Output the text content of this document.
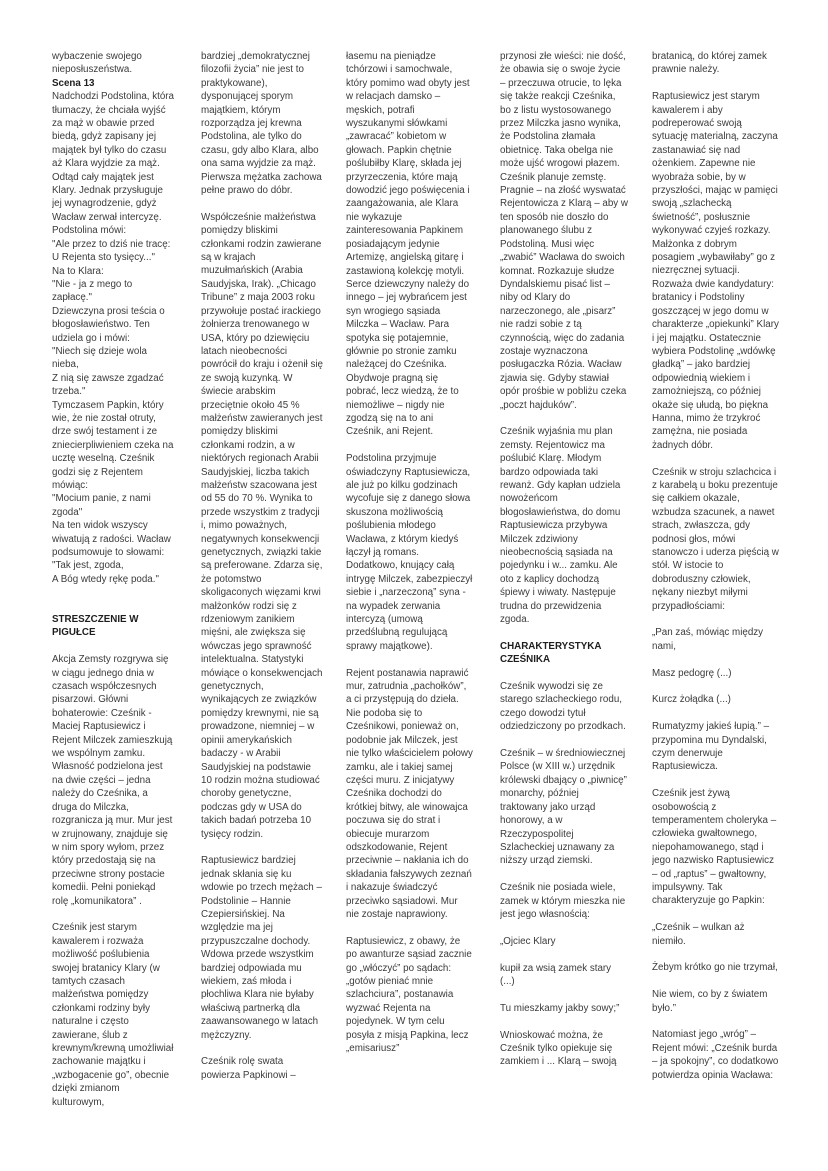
wybaczenie swojego nieposłuszeństwa.
Scena 13
Nadchodzi Podstolina, która tłumaczy, że chciała wyjść za mąż w obawie przed biedą, gdyż zapisany jej majątek był tylko do czasu aż Klara wyjdzie za mąż. Odtąd cały majątek jest Klary. Jednak przysługuje jej wynagrodzenie, gdyż Wacław zerwał intercyzę. Podstolina mówi:
"Ale przez to dziś nie tracę: U Rejenta sto tysięcy..."
Na to Klara:
"Nie - ja z mego to zapłacę."
Dziewczyna prosi teścia o błogosławieństwo. Ten udziela go i mówi:
"Niech się dzieje wola nieba,
Z nią się zawsze zgadzać trzeba."
Tymczasem Papkin, który wie, że nie został otruty, drze swój testament i ze zniecierpliwieniem czeka na ucztę weselną. Cześnik godzi się z Rejentem mówiąc:
"Mocium panie, z nami zgoda"
Na ten widok wszyscy wiwatują z radości. Wacław podsumowuje to słowami:
"Tak jest, zgoda,
A Bóg wtedy rękę poda."

STRESZCZENIE W PIGUŁCE

Akcja Zemsty rozgrywa się w ciągu jednego dnia w czasach współczesnych pisarzowi. Główni bohaterowie: Cześnik - Maciej Raptusiewicz i Rejent Milczek zamieszkują we wspólnym zamku. Własność podzielona jest na dwie części – jedna należy do Cześnika, a druga do Milczka, rozgranicza ją mur. Mur jest w zrujnowany, znajduje się w nim spory wyłom, przez który przedostają się na przeciwne strony postacie komedii. Pełni poniekąd rolę „komunikatora” .

Cześnik jest starym kawalerem i rozważa możliwość poślubienia swojej bratanicy Klary (w tamtych czasach małżeństwa pomiędzy członkami rodziny były naturalne i często zawierane, ślub z krewnym/krewną umożliwiał zachowanie majątku i „wzbogacenie go”, obecnie dzięki zmianom kulturowym,

bardziej „demokratycznej filozofii życia” nie jest to praktykowane), dysponującej sporym majątkiem, którym rozporządza jej krewna Podstolina, ale tylko do czasu, gdy albo Klara, albo ona sama wyjdzie za mąż. Pierwsza mężatka zachowa pełne prawo do dóbr.

Współcześnie małżeństwa pomiędzy bliskimi członkami rodzin zawierane są w krajach muzułmańskich (Arabia Saudyjska, Irak). „Chicago Tribune” z maja 2003 roku przywołuje postać irackiego żołnierza trenowanego w USA, który po dziewięciu latach nieobecności powrócił do kraju i ożenił się ze swoją kuzynką. W świecie arabskim przeciętnie około 45 % małżeństw zawieranych jest pomiędzy bliskimi członkami rodzin, a w niektórych regionach Arabii Saudyjskiej, liczba takich małżeństw szacowana jest od 55 do 70 %. Wynika to przede wszystkim z tradycji i, mimo poważnych, negatywnych konsekwencji genetycznych, związki takie są preferowane. Zdarza się, że potomstwo skoligaconych więzami krwi małżonków rodzi się z rdzeniowym zanikiem mięśni, ale zwiększa się wówczas jego sprawność intelektualna. Statystyki mówiące o konsekwencjach genetycznych, wynikających ze związków pomiędzy krewnymi, nie są prowadzone, niemniej – w opinii amerykańskich badaczy - w Arabii Saudyjskiej na podstawie 10 rodzin można studiować choroby genetyczne, podczas gdy w USA do takich badań potrzeba 10 tysięcy rodzin.

Raptusiewicz bardziej jednak skłania się ku wdowie po trzech mężach – Podstolinie – Hannie Czepiersińskiej. Na względzie ma jej przypuszczalne dochody. Wdowa przede wszystkim bardziej odpowiada mu wiekiem, zaś młoda i płochliwa Klara nie byłaby właściwą partnerką dla zaawansowanego w latach mężczyzny.

Cześnik rolę swata powierza Papkinowi –

łasemu na pieniądze tchórzowi i samochwale, który pomimo wad obyty jest w relacjach damsko – męskich, potrafi wyszukanymi słówkami „zawracać” kobietom w głowach. Papkin chętnie poślubiłby Klarę, składa jej przyrzeczenia, które mają dowodzić jego poświęcenia i zaangażowania, ale Klara nie wykazuje zainteresowania Papkinem posiadającym jedynie Artemizę, angielską gitarę i zastawioną kolekcję motyli. Serce dziewczyny należy do innego – jej wybrańcem jest syn wrogiego sąsiada Milczka – Wacław. Para spotyka się potajemnie, głównie po stronie zamku należącej do Cześnika. Obydwoje pragną się pobrać, lecz wiedzą, że to niemożliwe – nigdy nie zgodzą się na to ani Cześnik, ani Rejent.

Podstolina przyjmuje oświadczyny Raptusiewicza, ale już po kilku godzinach wycofuje się z danego słowa skuszona możliwością poślubienia młodego Wacława, z którym kiedyś łączył ją romans. Dodatkowo, knujący całą intrygę Milczek, zabezpieczył siebie i „narzeczoną” syna - na wypadek zerwania intercyzą (umową przedślubną regulującą sprawy majątkowe).

Rejent postanawia naprawić mur, zatrudnia „pachołków”, a ci przystępują do dzieła. Nie podoba się to Cześnikowi, ponieważ on, podobnie jak Milczek, jest nie tylko właścicielem połowy zamku, ale i takiej samej części muru. Z inicjatywy Cześnika dochodzi do krótkiej bitwy, ale winowajca poczuwa się do strat i obiecuje murarzom odszkodowanie, Rejent przeciwnie – nakłania ich do składania fałszywych zeznań i nakazuje świadczyć przeciwko sąsiadowi. Mur nie zostaje naprawiony.

Raptusiewicz, z obawy, że po awanturze sąsiad zacznie go „włóczyć” po sądach: „gotów pieniać mnie szlachciura”, postanawia wyzwać Rejenta na pojedynek. W tym celu posyła z misją Papkina, lecz „emisariusz”

przynosi złe wieści: nie dość, że obawia się o swoje życie – przeczuwa otrucie, to lęka się także reakcji Cześnika, bo z listu wystosowanego przez Milczka jasno wynika, że Podstolina złamała obietnicę. Taka obelga nie może ujść wrogowi płazem. Cześnik planuje zemstę. Pragnie – na złość wyswatać Rejentowicza z Klarą – aby w ten sposób nie doszło do planowanego ślubu z Podstoliną. Musi więc „zwabić” Wacława do swoich komnat. Rozkazuje słudze Dyndalskiemu pisać list – niby od Klary do narzeczonego, ale „pisarz” nie radzi sobie z tą czynnością, więc do zadania zostaje wyznaczona posługaczka Rózia. Wacław zjawia się. Gdyby stawiał opór prośbie w pobliżu czeka „poczt hajduków”.

Cześnik wyjaśnia mu plan zemsty. Rejentowicz ma poślubić Klarę. Młodym bardzo odpowiada taki rewanż. Gdy kapłan udziela nowożeńcom błogosławieństwa, do domu Raptusiewicza przybywa Milczek zdziwiony nieobecnością sąsiada na pojedynku i w... zamku. Ale oto z kaplicy dochodzą śpiewy i wiwaty. Następuje trudna do przewidzenia zgoda.

CHARAKTERYSTYKA CZEŚNIKA

Cześnik wywodzi się ze starego szlacheckiego rodu, czego dowodzi tytuł odziedziczony po przodkach.

Cześnik – w średniowiecznej Polsce (w XIII w.) urzędnik królewski dbający o „piwnicę” monarchy, później traktowany jako urząd honorowy, a w Rzeczypospolitej Szlacheckiej uznawany za niższy urząd ziemski.

Cześnik nie posiada wiele, zamek w którym mieszka nie jest jego własnością:

„Ojciec Klary

kupił za wsią zamek stary (...)

Tu mieszkamy jakby sowy;”

Wnioskować można, że Cześnik tylko opiekuje się zamkiem i ... Klarą – swoją

bratanicą, do której zamek prawnie należy.

Raptusiewicz jest starym kawalerem i aby podreperować swoją sytuację materialną, zaczyna zastanawiać się nad ożenkiem. Zapewne nie wyobraża sobie, by w przyszłości, mając w pamięci swoją „szlachecką świetność”, posłusznie wykonywać czyjeś rozkazy. Małżonka z dobrym posagiem „wybawiłaby” go z niezręcznej sytuacji. Rozważa dwie kandydatury: bratanicy i Podstoliny goszczącej w jego domu w charakterze „opiekunki” Klary i jej majątku. Ostatecznie wybiera Podstolinę „wdówkę gładką” – jako bardziej odpowiednią wiekiem i zamożniejszą, co później okaże się ułudą, bo piękna Hanna, mimo że trzykroć zamężna, nie posiada żadnych dóbr.

Cześnik w stroju szlachcica i z karabelą u boku prezentuje się całkiem okazale, wzbudza szacunek, a nawet strach, zwłaszcza, gdy podnosi głos, mówi stanowczo i uderza pięścią w stół. W istocie to dobroduszny człowiek, nękany niezbyt miłymi przypadłościami:

„Pan zaś, mówiąc między nami,

Masz pedogrę (...)

Kurcz żołądka (...)

Rumatyzmy jakieś łupią.” – przypomina mu Dyndalski, czym denerwuje Raptusiewicza.

Cześnik jest żywą osobowością z temperamentem choleryka – człowieka gwałtownego, niepohamowanego, stąd i jego nazwisko Raptusiewicz – od „raptus” – gwałtowny, impulsywny. Tak charakteryzuje go Papkin:

„Cześnik – wulkan aż niemiło.

Żebym krótko go nie trzymał,

Nie wiem, co by z światem było.”

Natomiast jego „wróg” – Rejent mówi: „Cześnik burda – ja spokojny”, co dodatkowo potwierdza opinia Wacława:
